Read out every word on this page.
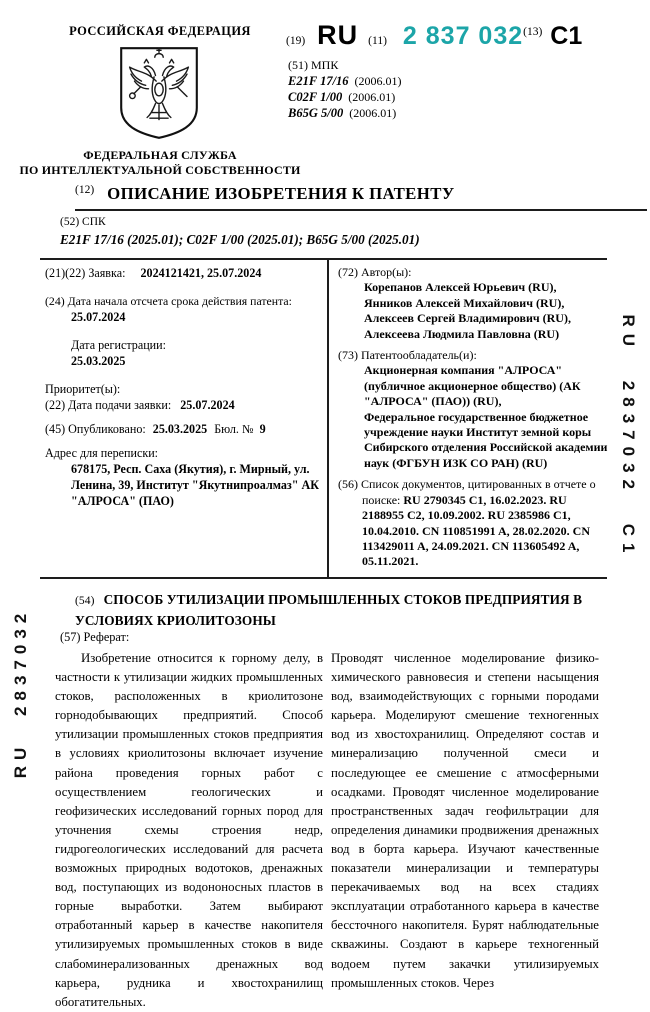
RU 2837032
RU 2837032 C1
РОССИЙСКАЯ ФЕДЕРАЦИЯ
ФЕДЕРАЛЬНАЯ СЛУЖБА
ПО ИНТЕЛЛЕКТУАЛЬНОЙ СОБСТВЕННОСТИ
(19) RU (11) 2 837 032 (13) C1
(51) МПК
E21F 17/16 (2006.01)
C02F 1/00 (2006.01)
B65G 5/00 (2006.01)
$^{(12)}$ ОПИСАНИЕ ИЗОБРЕТЕНИЯ К ПАТЕНТУ
(52) СПК
E21F 17/16 (2025.01); C02F 1/00 (2025.01); B65G 5/00 (2025.01)
(21)(22) Заявка: 2024121421, 25.07.2024
(24) Дата начала отсчета срока действия патента:
25.07.2024
Дата регистрации:
25.03.2025
Приоритет(ы):
(22) Дата подачи заявки: 25.07.2024
(45) Опубликовано: 25.03.2025 Бюл. № 9
Адрес для переписки:
678175, Респ. Саха (Якутия), г. Мирный, ул. Ленина, 39, Институт "Якутнипроалмаз" АК "АЛРОСА" (ПАО)
(72) Автор(ы):
Корепанов Алексей Юрьевич (RU),
Янников Алексей Михайлович (RU),
Алексеев Сергей Владимирович (RU),
Алексеева Людмила Павловна (RU)
(73) Патентообладатель(и):
Акционерная компания "АЛРОСА" (публичное акционерное общество) (АК "АЛРОСА" (ПАО)) (RU),
Федеральное государственное бюджетное учреждение науки Институт земной коры Сибирского отделения Российской академии наук (ФГБУН ИЗК СО РАН) (RU)
(56) Список документов, цитированных в отчете о поиске: RU 2790345 C1, 16.02.2023. RU 2188955 C2, 10.09.2002. RU 2385986 C1, 10.04.2010. CN 110851991 A, 28.02.2020. CN 113429011 A, 24.09.2021. CN 113605492 A, 05.11.2021.
(54) СПОСОБ УТИЛИЗАЦИИ ПРОМЫШЛЕННЫХ СТОКОВ ПРЕДПРИЯТИЯ В УСЛОВИЯХ КРИОЛИТОЗОНЫ
(57) Реферат:
Изобретение относится к горному делу, в частности к утилизации жидких промышленных стоков, расположенных в криолитозоне горнодобывающих предприятий. Способ утилизации промышленных стоков предприятия в условиях криолитозоны включает изучение района проведения горных работ с осуществлением геологических и геофизических исследований горных пород для уточнения схемы строения недр, гидрогеологических исследований для расчета возможных природных водотоков, дренажных вод, поступающих из водононосных пластов в горные выработки. Затем выбирают отработанный карьер в качестве накопителя утилизируемых промышленных стоков в виде слабоминерализованных дренажных вод карьера, рудника и хвостохранилищ обогатительных.
Проводят численное моделирование физико-химического равновесия и степени насыщения вод, взаимодействующих с горными породами карьера. Моделируют смешение техногенных вод из хвостохранилищ. Определяют состав и минерализацию полученной смеси и последующее ее смешение с атмосферными осадками. Проводят численное моделирование пространственных задач геофильтрации для определения динамики продвижения дренажных вод в борта карьера. Изучают качественные показатели минерализации и температуры перекачиваемых вод на всех стадиях эксплуатации отработанного карьера в качестве бессточного накопителя. Бурят наблюдательные скважины. Создают в карьере техногенный водоем путем закачки утилизируемых промышленных стоков. Через
